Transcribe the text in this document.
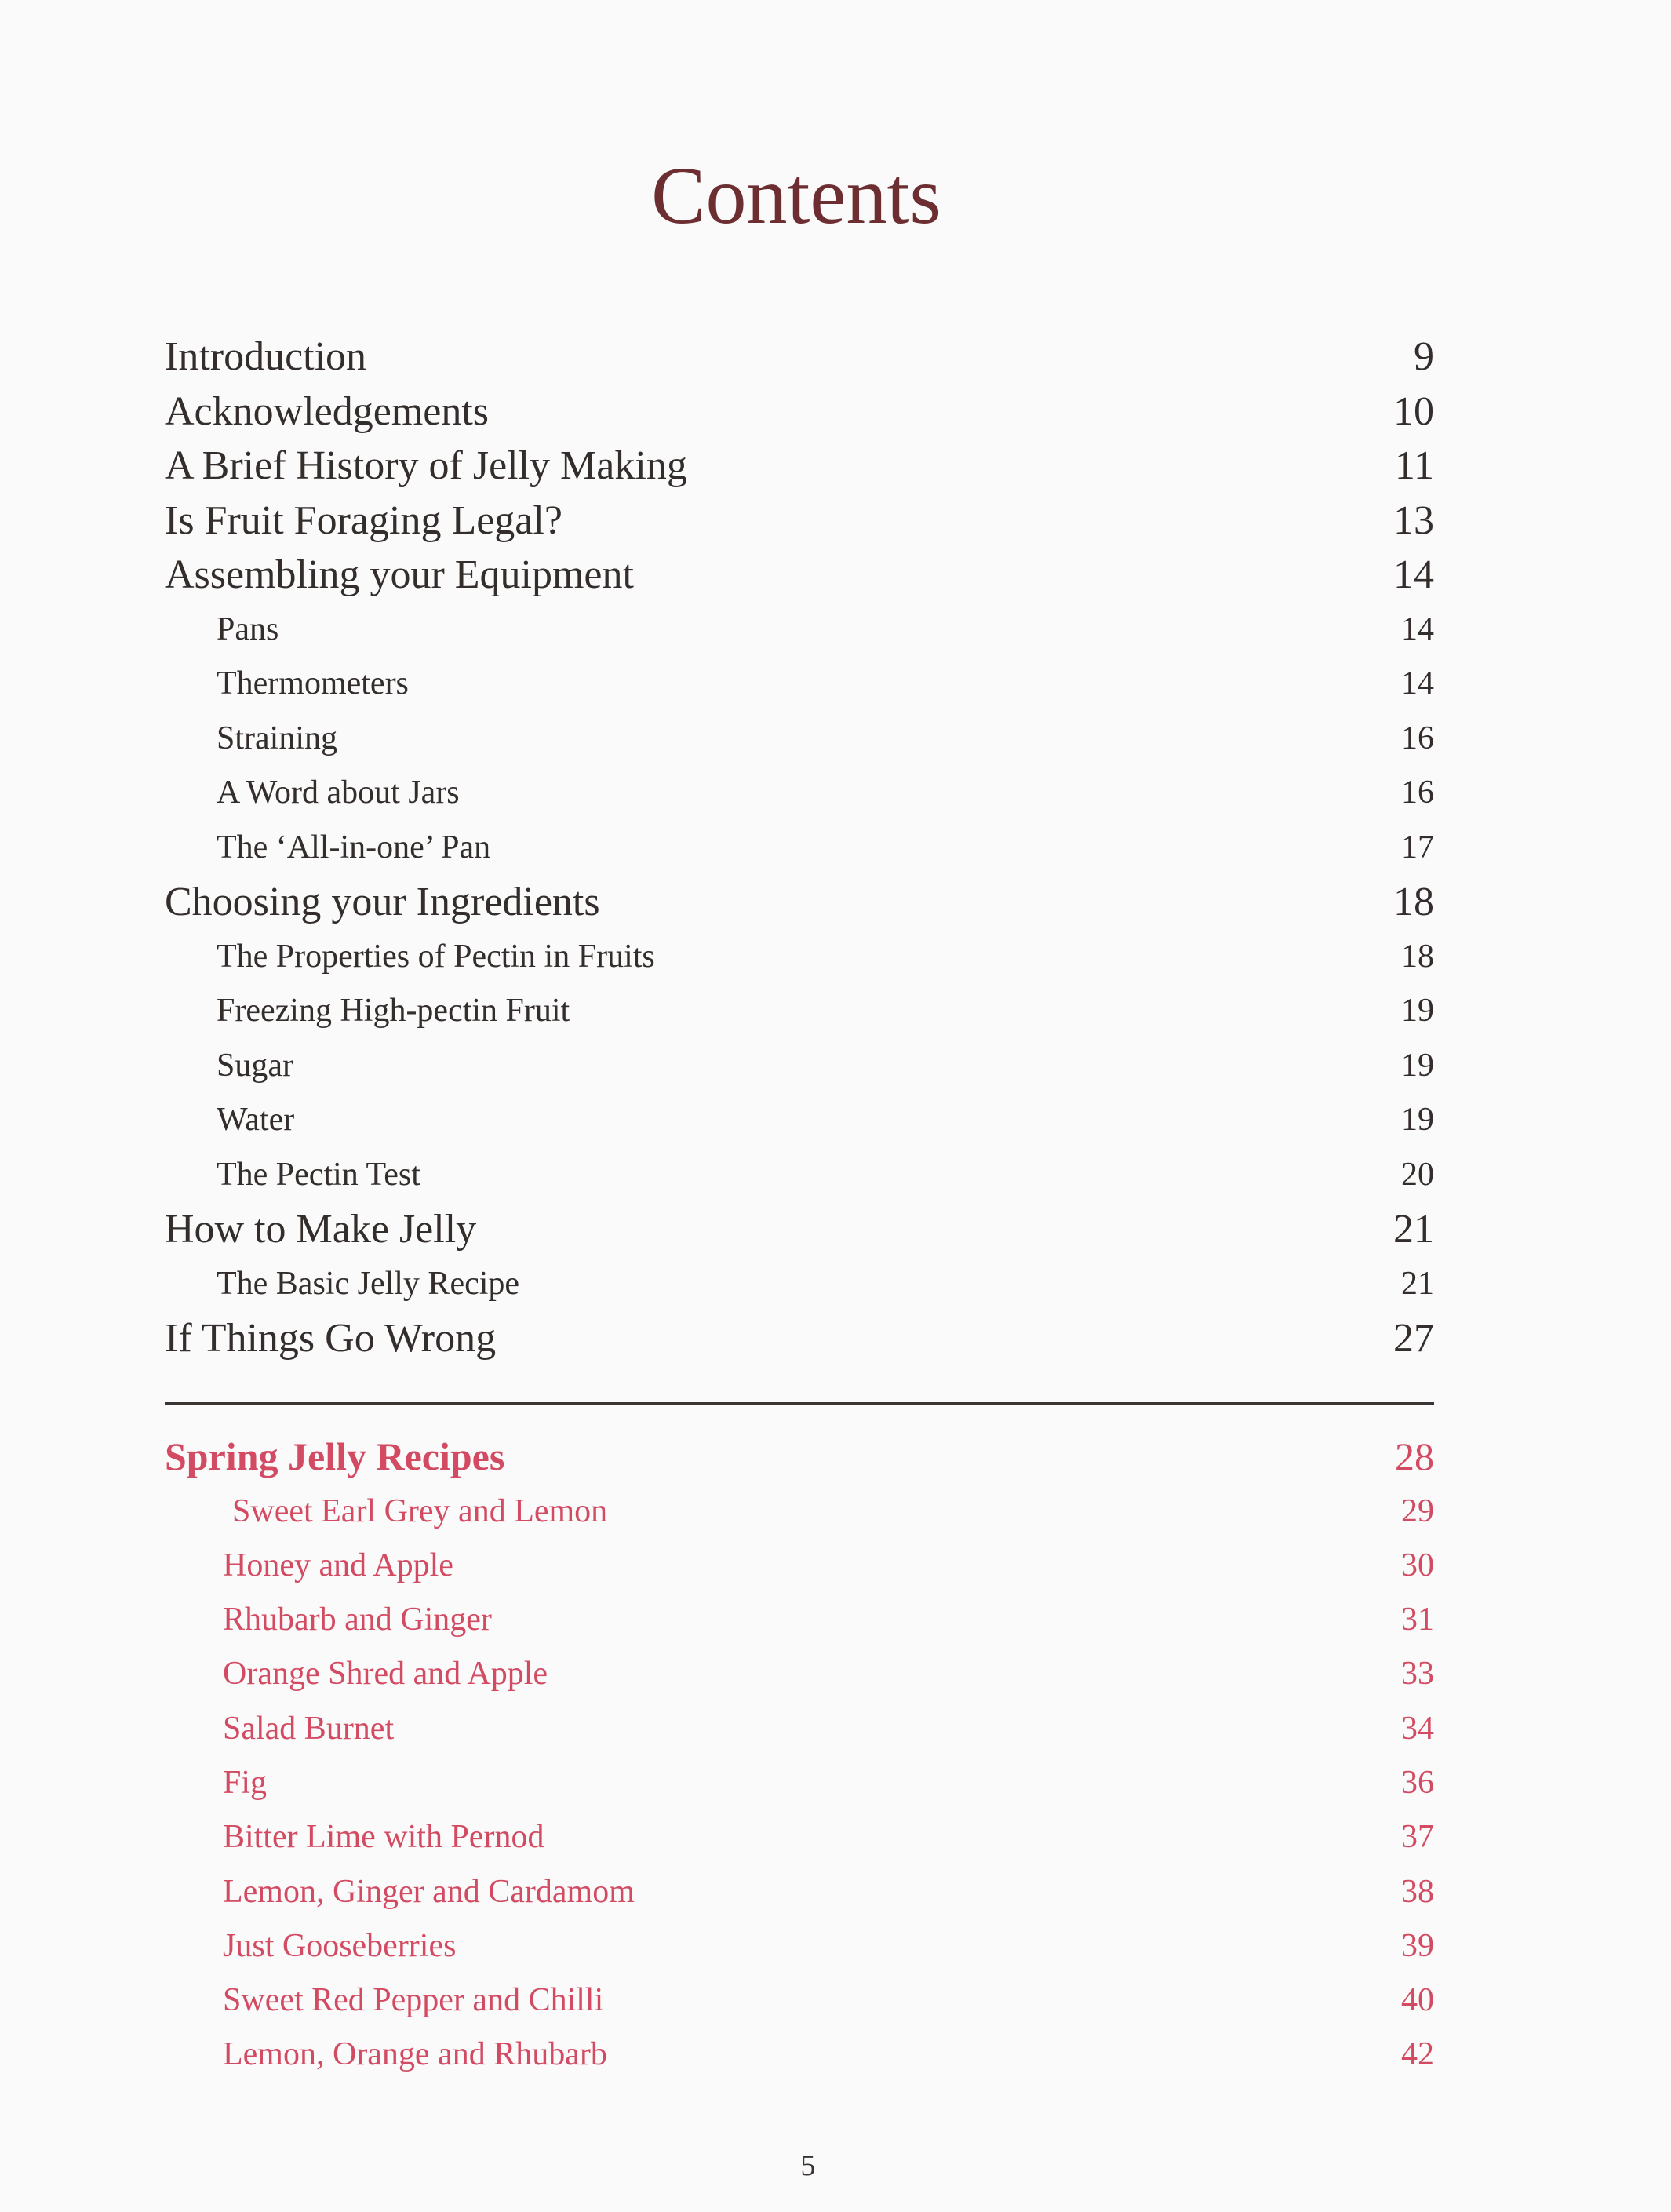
Contents
Introduction	9
Acknowledgements	10
A Brief History of Jelly Making	11
Is Fruit Foraging Legal?	13
Assembling your Equipment	14
Pans	14
Thermometers	14
Straining	16
A Word about Jars	16
The ‘All-in-one’ Pan	17
Choosing your Ingredients	18
The Properties of Pectin in Fruits	18
Freezing High-pectin Fruit	19
Sugar	19
Water	19
The Pectin Test	20
How to Make Jelly	21
The Basic Jelly Recipe	21
If Things Go Wrong	27
Spring Jelly Recipes	28
Sweet Earl Grey and Lemon	29
Honey and Apple	30
Rhubarb and Ginger	31
Orange Shred and Apple	33
Salad Burnet	34
Fig	36
Bitter Lime with Pernod	37
Lemon, Ginger and Cardamom	38
Just Gooseberries	39
Sweet Red Pepper and Chilli	40
Lemon, Orange and Rhubarb	42
5
